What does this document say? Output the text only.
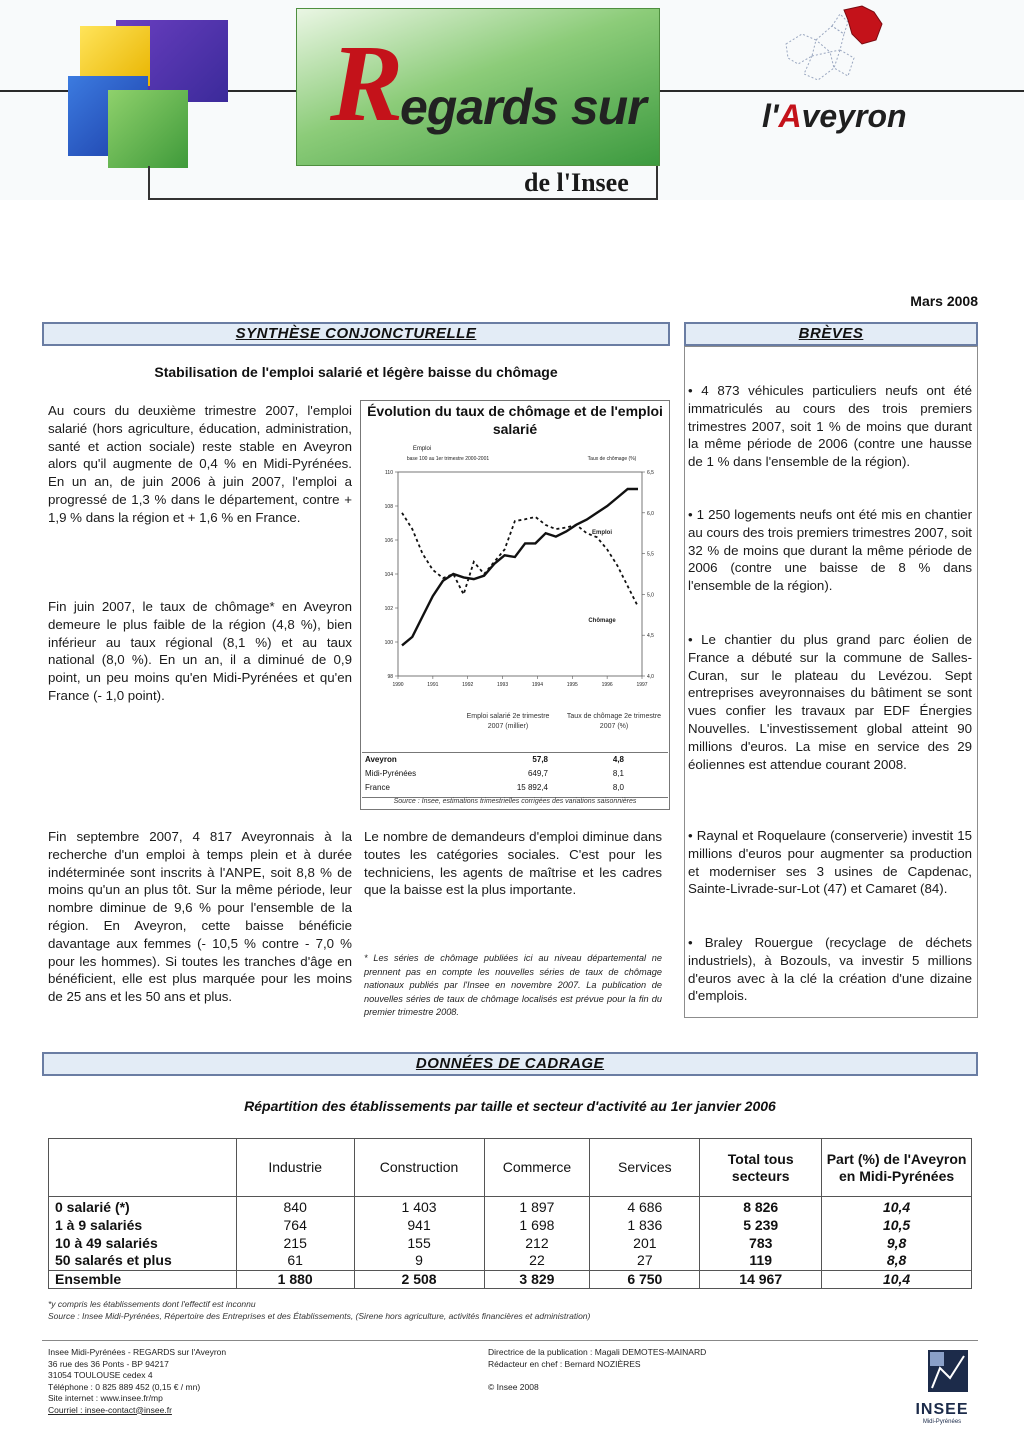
R
egards sur
de l'Insee
l'Aveyron
Mars 2008
SYNTHÈSE CONJONCTURELLE
Stabilisation de l'emploi salarié et légère baisse du chômage
Au cours du deuxième trimestre 2007, l'emploi salarié (hors agriculture, éducation, administration, santé et action sociale) reste stable en Aveyron alors qu'il augmente de 0,4 % en Midi-Pyrénées. En un an, de juin 2006 à juin 2007, l'emploi a progressé de 1,3 % dans le département, contre + 1,9 % dans la région et + 1,6 % en France.
Fin juin 2007, le taux de chômage* en Aveyron demeure le plus faible de la région (4,8 %), bien inférieur au taux régional (8,1 %) et au taux national (8,0 %). En un an, il a diminué de 0,9 point, un peu moins qu'en Midi-Pyrénées et qu'en France (- 1,0 point).
Fin septembre 2007, 4 817 Aveyronnais à la recherche d'un emploi à temps plein et à durée indéterminée sont inscrits à l'ANPE, soit 8,8 % de moins qu'un an plus tôt. Sur la même période, leur nombre diminue de 9,6 % pour l'ensemble de la région. En Aveyron, cette baisse bénéficie davantage aux femmes (- 10,5 % contre - 7,0 % pour les hommes). Si toutes les tranches d'âge en bénéficient, elle est plus marquée pour les moins de 25 ans et les 50 ans et plus.
Le nombre de demandeurs d'emploi diminue dans toutes les catégories sociales. C'est pour les techniciens, les agents de maîtrise et les cadres que la baisse est la plus importante.
* Les séries de chômage publiées ici au niveau départemental ne prennent pas en compte les nouvelles séries de taux de chômage nationaux publiés par l'Insee en novembre 2007. La publication de nouvelles séries de taux de chômage localisés est prévue pour la fin du premier trimestre 2008.
Évolution du taux de chômage et de l'emploi salarié
Emploi
base 100 au 1er trimestre 2000-2001	Taux de chômage (%)
110
108
106
104
102
100
98
6,5
6,0
5,5
5,0
4,5
4,0
1990	1991	1992	1993	1994	1995	1996	1997
Emploi
Chômage
Emploi salarié 2e trimestre 2007 (millier)
Taux de chômage 2e trimestre 2007 (%)
Aveyron	57,8	4,8
Midi-Pyrénées	649,7	8,1
France	15 892,4	8,0
Source : Insee, estimations trimestrielles corrigées des variations saisonnières
BRÈVES
• 4 873 véhicules particuliers neufs ont été immatriculés au cours des trois premiers trimestres 2007, soit 1 % de moins que durant la même période de 2006 (contre une hausse de 1 % dans l'ensemble de la région).
• 1 250 logements neufs ont été mis en chantier au cours des trois premiers trimestres 2007, soit 32 % de moins que durant la même période de 2006 (contre une baisse de 8 % dans l'ensemble de la région).
• Le chantier du plus grand parc éolien de France a débuté sur la commune de Salles-Curan, sur le plateau du Levézou. Sept entreprises aveyronnaises du bâtiment se sont vues confier les travaux par EDF Énergies Nouvelles. L'investissement global atteint 90 millions d'euros. La mise en service des 29 éoliennes est attendue courant 2008.
• Raynal et Roquelaure (conserverie) investit 15 millions d'euros pour augmenter sa production et moderniser ses 3 usines de Capdenac, Sainte-Livrade-sur-Lot (47) et Camaret (84).
• Braley Rouergue (recyclage de déchets industriels), à Bozouls, va investir 5 millions d'euros avec à la clé la création d'une dizaine d'emplois.
DONNÉES DE CADRAGE
Répartition des établissements par taille et secteur d'activité au 1er janvier 2006
	Industrie	Construction	Commerce	Services	Total tous secteurs	Part (%) de l'Aveyron en Midi-Pyrénées
0 salarié (*)	840	1 403	1 897	4 686	8 826	10,4
1 à 9 salariés	764	941	1 698	1 836	5 239	10,5
10 à 49 salariés	215	155	212	201	783	9,8
50 salarés et plus	61	9	22	27	119	8,8
Ensemble	1 880	2 508	3 829	6 750	14 967	10,4
*y compris les établissements dont l'effectif est inconnu
Source : Insee Midi-Pyrénées, Répertoire des Entreprises et des Établissements, (Sirene hors agriculture, activités financières et administration)
Insee Midi-Pyrénées - REGARDS sur l'Aveyron
36 rue des 36 Ponts - BP 94217
31054 TOULOUSE cedex 4
Téléphone : 0 825 889 452 (0,15 € / mn)
Site internet : www.insee.fr/mp
Courriel : insee-contact@insee.fr
Directrice de la publication : Magali DEMOTES-MAINARD
Rédacteur en chef : Bernard NOZIÈRES
© Insee 2008
INSEE
Midi-Pyrénées
